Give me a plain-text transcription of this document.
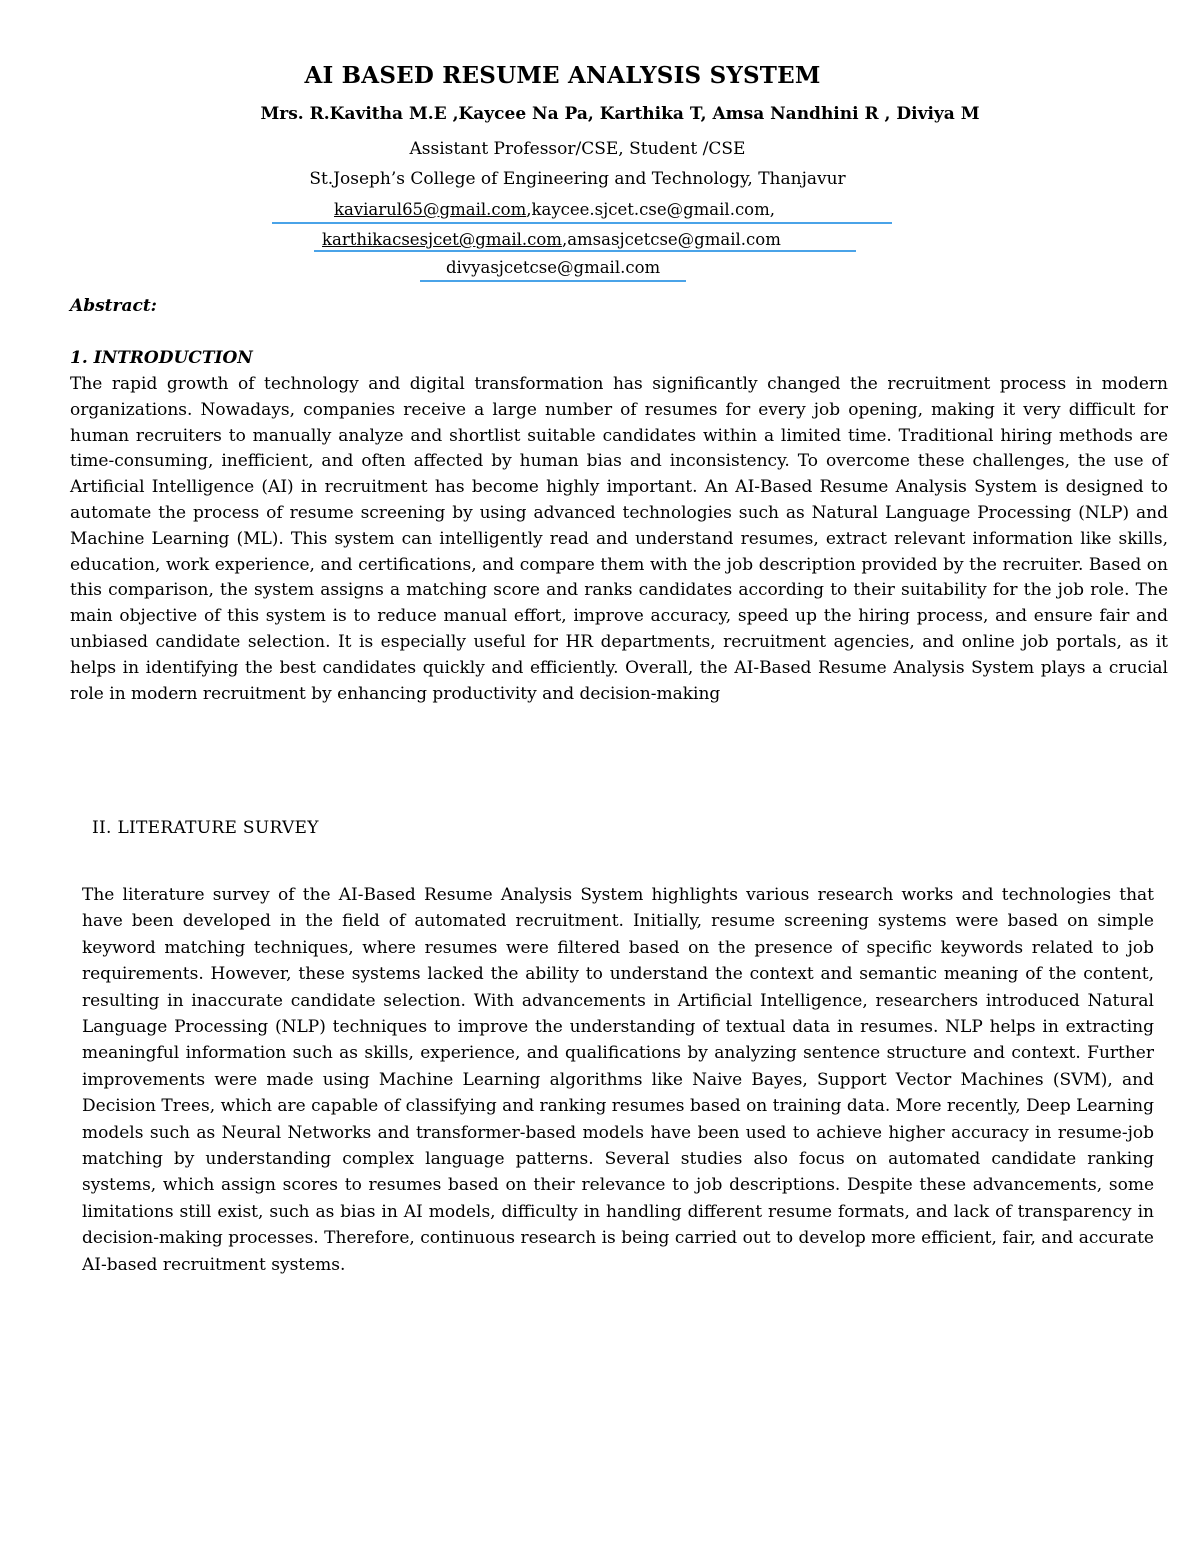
AI BASED RESUME ANALYSIS SYSTEM
Mrs. R.Kavitha M.E ,Kaycee Na Pa, Karthika T, Amsa Nandhini R , Diviya M
Assistant Professor/CSE, Student /CSE
St.Joseph’s College of Engineering and Technology, Thanjavur
kaviarul65@gmail.com,kaycee.sjcet.cse@gmail.com,
karthikacsesjcet@gmail.com,amsasjcetcse@gmail.com
divyasjcetcse@gmail.com
Abstract:
1. INTRODUCTION

The rapid growth of technology and digital transformation has significantly changed the recruitment process in modern organizations. Nowadays, companies receive a large number of resumes for every job opening, making it very difficult for human recruiters to manually analyze and shortlist suitable candidates within a limited time. Traditional hiring methods are time-consuming, inefficient, and often affected by human bias and inconsistency. To overcome these challenges, the use of Artificial Intelligence (AI) in recruitment has become highly important. An AI-Based Resume Analysis System is designed to automate the process of resume screening by using advanced technologies such as Natural Language Processing (NLP) and Machine Learning (ML). This system can intelligently read and understand resumes, extract relevant information like skills, education, work experience, and certifications, and compare them with the job description provided by the recruiter. Based on this comparison, the system assigns a matching score and ranks candidates according to their suitability for the job role. The main objective of this system is to reduce manual effort, improve accuracy, speed up the hiring process, and ensure fair and unbiased candidate selection. It is especially useful for HR departments, recruitment agencies, and online job portals, as it helps in identifying the best candidates quickly and efficiently. Overall, the AI-Based Resume Analysis System plays a crucial role in modern recruitment by enhancing productivity and decision-making

II. LITERATURE SURVEY

The literature survey of the AI-Based Resume Analysis System highlights various research works and technologies that have been developed in the field of automated recruitment. Initially, resume screening systems were based on simple keyword matching techniques, where resumes were filtered based on the presence of specific keywords related to job requirements. However, these systems lacked the ability to understand the context and semantic meaning of the content, resulting in inaccurate candidate selection. With advancements in Artificial Intelligence, researchers introduced Natural Language Processing (NLP) techniques to improve the understanding of textual data in resumes. NLP helps in extracting meaningful information such as skills, experience, and qualifications by analyzing sentence structure and context. Further improvements were made using Machine Learning algorithms like Naive Bayes, Support Vector Machines (SVM), and Decision Trees, which are capable of classifying and ranking resumes based on training data. More recently, Deep Learning models such as Neural Networks and transformer-based models have been used to achieve higher accuracy in resume-job matching by understanding complex language patterns. Several studies also focus on automated candidate ranking systems, which assign scores to resumes based on their relevance to job descriptions. Despite these advancements, some limitations still exist, such as bias in AI models, difficulty in handling different resume formats, and lack of transparency in decision-making processes. Therefore, continuous research is being carried out to develop more efficient, fair, and accurate AI-based recruitment systems.
